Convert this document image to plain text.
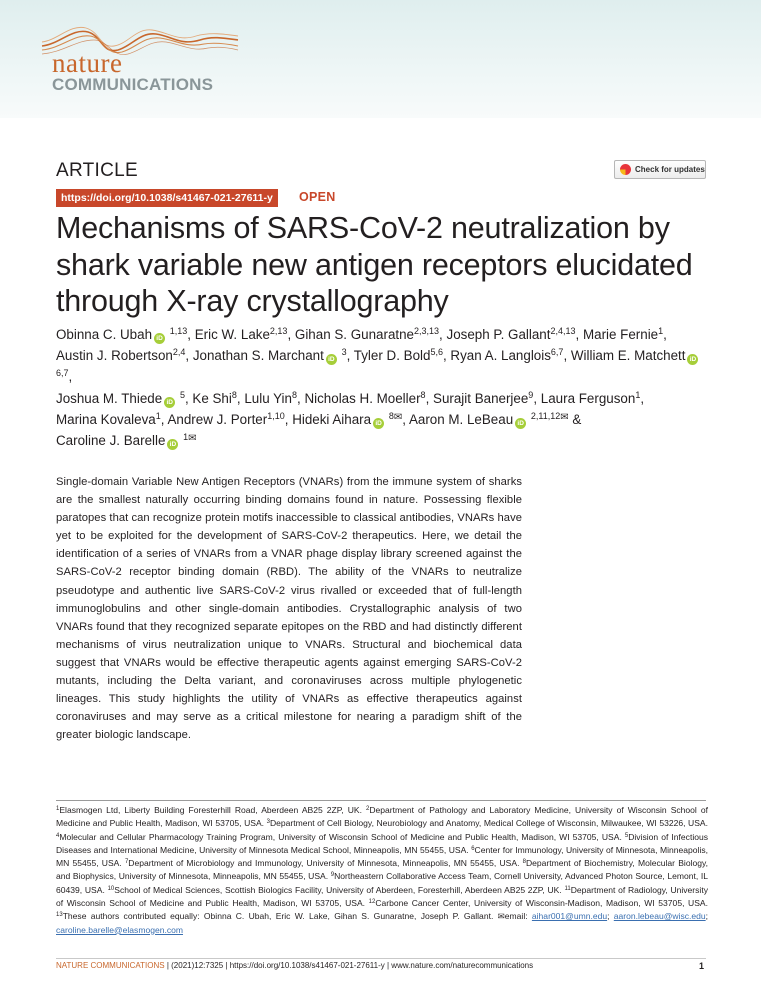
nature
COMMUNICATIONS
ARTICLE	Check for updates
https://doi.org/10.1038/s41467-021-27611-y	OPEN
Mechanisms of SARS-CoV-2 neutralization by shark variable new antigen receptors elucidated through X-ray crystallography
Obinna C. Ubah iD $^{1,13}$, Eric W. Lake$^{2,13}$, Gihan S. Gunaratne$^{2,3,13}$, Joseph P. Gallant$^{2,4,13}$, Marie Fernie$^1$,
Austin J. Robertson$^{2,4}$, Jonathan S. Marchant iD $^3$, Tyler D. Bold$^{5,6}$, Ryan A. Langlois$^{6,7}$, William E. Matchett iD $^{6,7}$,
Joshua M. Thiede iD $^5$, Ke Shi$^8$, Lulu Yin$^8$, Nicholas H. Moeller$^8$, Surajit Banerjee$^9$, Laura Ferguson$^1$,
Marina Kovaleva$^1$, Andrew J. Porter$^{1,10}$, Hideki Aihara iD $^{8✉}$, Aaron M. LeBeau iD $^{2,11,12✉}$ &
Caroline J. Barelle iD $^{1✉}$

Single-domain Variable New Antigen Receptors (VNARs) from the immune system of sharks are the smallest naturally occurring binding domains found in nature. Possessing flexible paratopes that can recognize protein motifs inaccessible to classical antibodies, VNARs have yet to be exploited for the development of SARS-CoV-2 therapeutics. Here, we detail the identification of a series of VNARs from a VNAR phage display library screened against the SARS-CoV-2 receptor binding domain (RBD). The ability of the VNARs to neutralize pseudotype and authentic live SARS-CoV-2 virus rivalled or exceeded that of full-length immunoglobulins and other single-domain antibodies. Crystallographic analysis of two VNARs found that they recognized separate epitopes on the RBD and had distinctly different mechanisms of virus neutralization unique to VNARs. Structural and biochemical data suggest that VNARs would be effective therapeutic agents against emerging SARS-CoV-2 mutants, including the Delta variant, and coronaviruses across multiple phylogenetic lineages. This study highlights the utility of VNARs as effective therapeutics against coronaviruses and may serve as a critical milestone for nearing a paradigm shift of the greater biologic landscape.

$^1$Elasmogen Ltd, Liberty Building Foresterhill Road, Aberdeen AB25 2ZP, UK. $^2$Department of Pathology and Laboratory Medicine, University of Wisconsin School of Medicine and Public Health, Madison, WI 53705, USA. $^3$Department of Cell Biology, Neurobiology and Anatomy, Medical College of Wisconsin, Milwaukee, WI 53226, USA. $^4$Molecular and Cellular Pharmacology Training Program, University of Wisconsin School of Medicine and Public Health, Madison, WI 53705, USA. $^5$Division of Infectious Diseases and International Medicine, University of Minnesota Medical School, Minneapolis, MN 55455, USA. $^6$Center for Immunology, University of Minnesota, Minneapolis, MN 55455, USA. $^7$Department of Microbiology and Immunology, University of Minnesota, Minneapolis, MN 55455, USA. $^8$Department of Biochemistry, Molecular Biology, and Biophysics, University of Minnesota, Minneapolis, MN 55455, USA. $^9$Northeastern Collaborative Access Team, Cornell University, Advanced Photon Source, Lemont, IL 60439, USA. $^{10}$School of Medical Sciences, Scottish Biologics Facility, University of Aberdeen, Foresterhill, Aberdeen AB25 2ZP, UK. $^{11}$Department of Radiology, University of Wisconsin School of Medicine and Public Health, Madison, WI 53705, USA. $^{12}$Carbone Cancer Center, University of Wisconsin-Madison, Madison, WI 53705, USA. $^{13}$These authors contributed equally: Obinna C. Ubah, Eric W. Lake, Gihan S. Gunaratne, Joseph P. Gallant. ✉email: aihar001@umn.edu; aaron.lebeau@wisc.edu; caroline.barelle@elasmogen.com
NATURE COMMUNICATIONS | (2021)12:7325 | https://doi.org/10.1038/s41467-021-27611-y | www.nature.com/naturecommunications	1
